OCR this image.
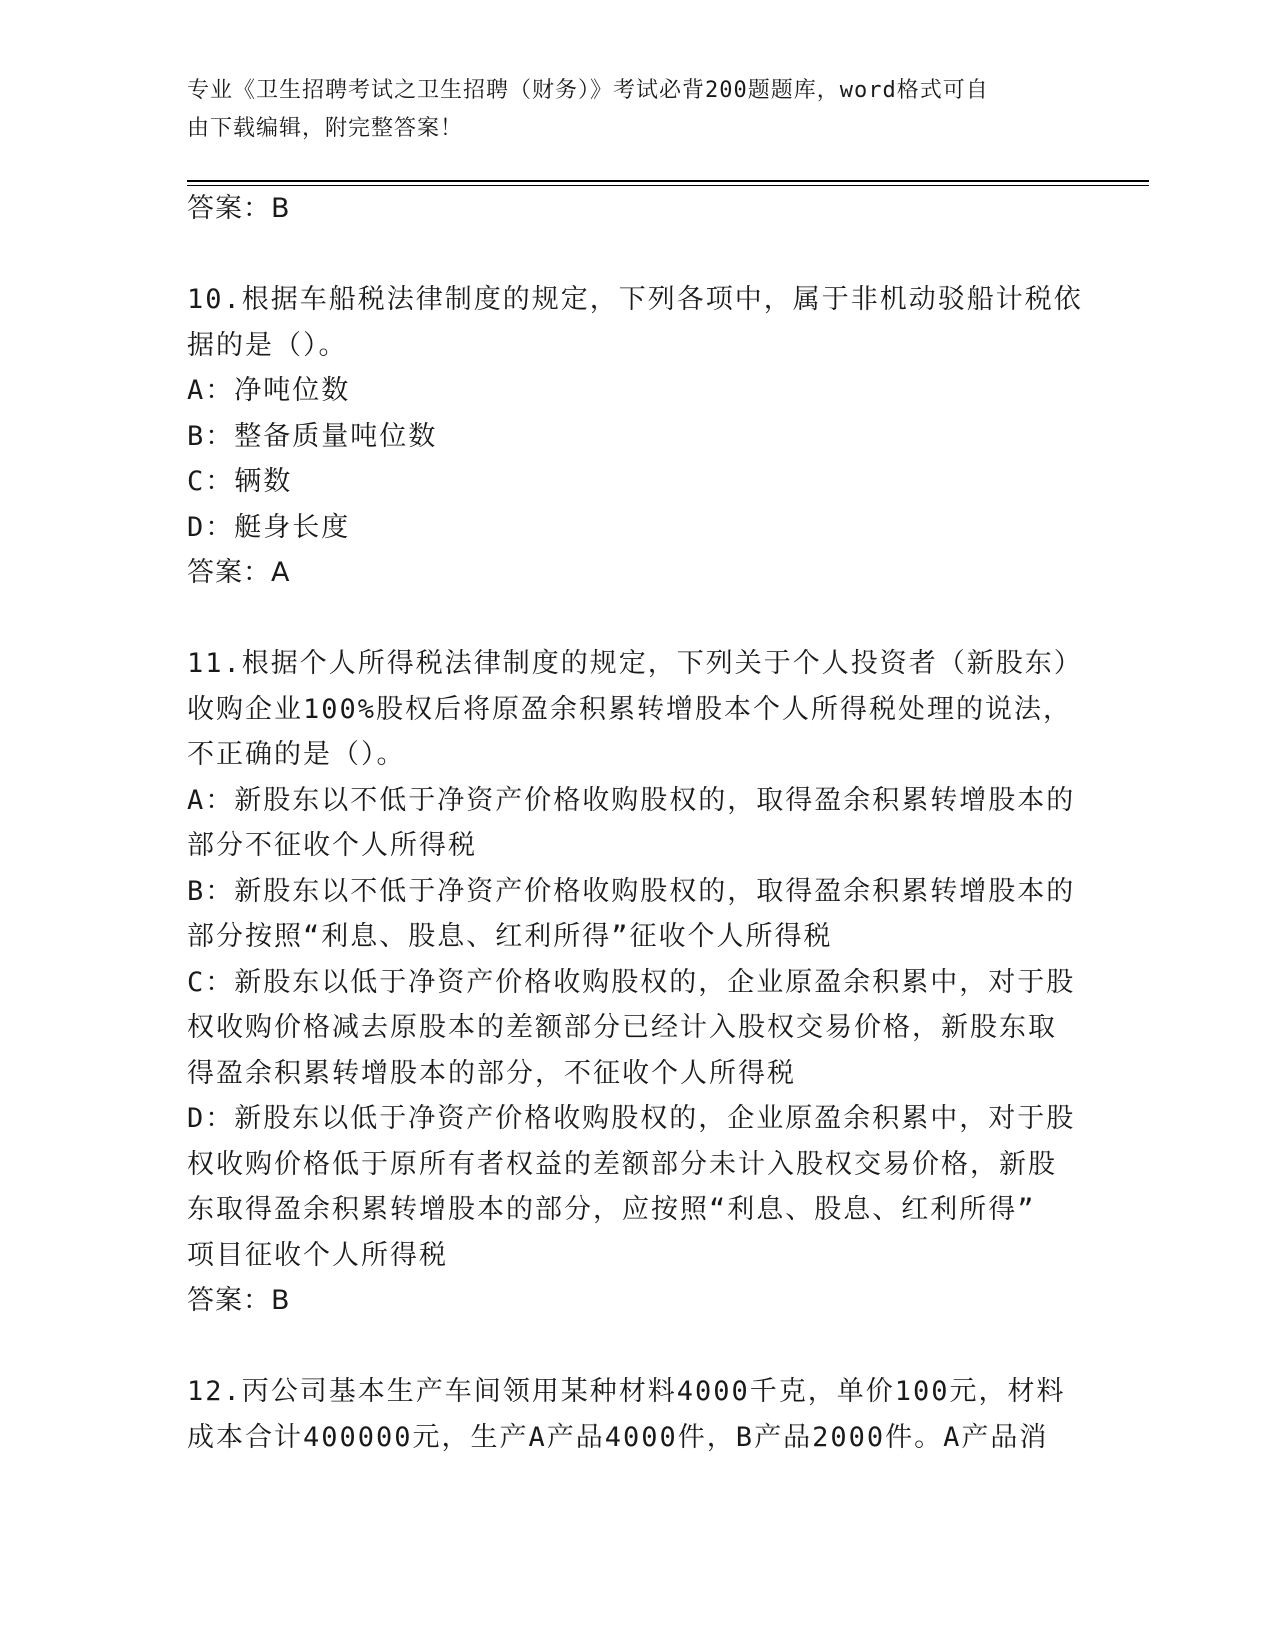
专业《卫生招聘考试之卫生招聘（财务）》考试必背200题题库，word格式可自
由下载编辑，附完整答案！
答案：B
10.根据车船税法律制度的规定，下列各项中，属于非机动驳船计税依
据的是（）。
A：净吨位数
B：整备质量吨位数
C：辆数
D：艇身长度
答案：A
11.根据个人所得税法律制度的规定，下列关于个人投资者（新股东）
收购企业100%股权后将原盈余积累转增股本个人所得税处理的说法，
不正确的是（）。
A：新股东以不低于净资产价格收购股权的，取得盈余积累转增股本的
部分不征收个人所得税
B：新股东以不低于净资产价格收购股权的，取得盈余积累转增股本的
部分按照“利息、股息、红利所得”征收个人所得税
C：新股东以低于净资产价格收购股权的，企业原盈余积累中，对于股
权收购价格减去原股本的差额部分已经计入股权交易价格，新股东取
得盈余积累转增股本的部分，不征收个人所得税
D：新股东以低于净资产价格收购股权的，企业原盈余积累中，对于股
权收购价格低于原所有者权益的差额部分未计入股权交易价格，新股
东取得盈余积累转增股本的部分，应按照“利息、股息、红利所得”
项目征收个人所得税
答案：B
12.丙公司基本生产车间领用某种材料4000千克，单价100元，材料
成本合计400000元，生产A产品4000件，B产品2000件。A产品消
